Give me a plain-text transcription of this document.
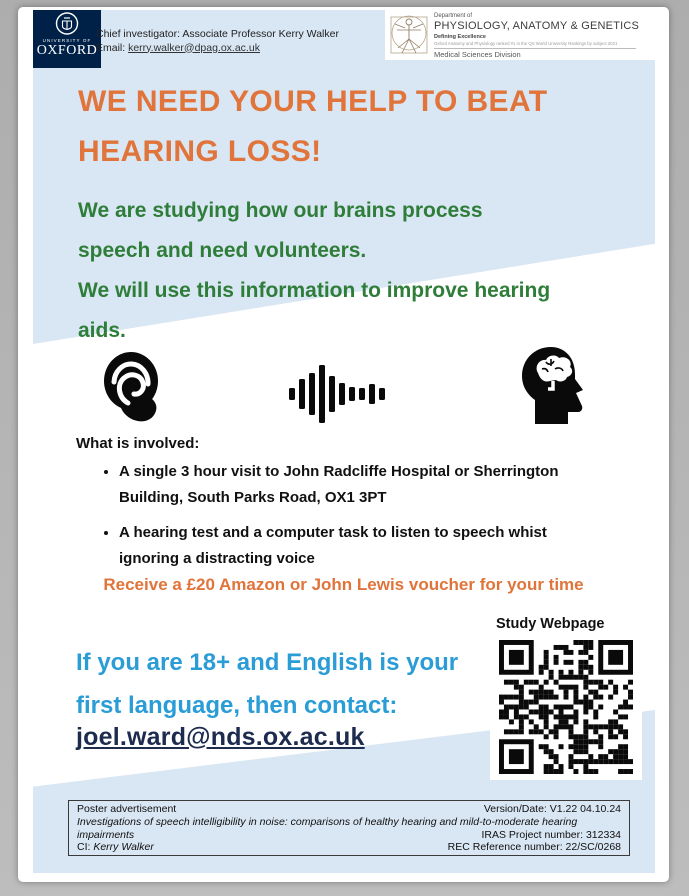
UNIVERSITY OF
OXFORD
Chief investigator: Associate Professor Kerry Walker
Email: kerry.walker@dpag.ox.ac.uk
Department of
PHYSIOLOGY, ANATOMY & GENETICS
Defining Excellence
Oxford Anatomy and Physiology ranked #1 in the QS World University Rankings by subject 2021
Medical Sciences Division
WE NEED YOUR HELP TO BEAT
HEARING LOSS!
We are studying how our brains process
speech and need volunteers.
We will use this information to improve hearing
aids.
What is involved:
• A single 3 hour visit to John Radcliffe Hospital or Sherrington Building, South Parks Road, OX1 3PT
• A hearing test and a computer task to listen to speech whist ignoring a distracting voice
Receive a £20 Amazon or John Lewis voucher for your time
Study Webpage
If you are 18+ and English is your
first language, then contact:
joel.ward@nds.ox.ac.uk
Poster advertisement	Version/Date: V1.22 04.10.24
Investigations of speech intelligibility in noise: comparisons of healthy hearing and mild-to-moderate hearing
impairments	IRAS Project number: 312334
CI: Kerry Walker	REC Reference number: 22/SC/0268
